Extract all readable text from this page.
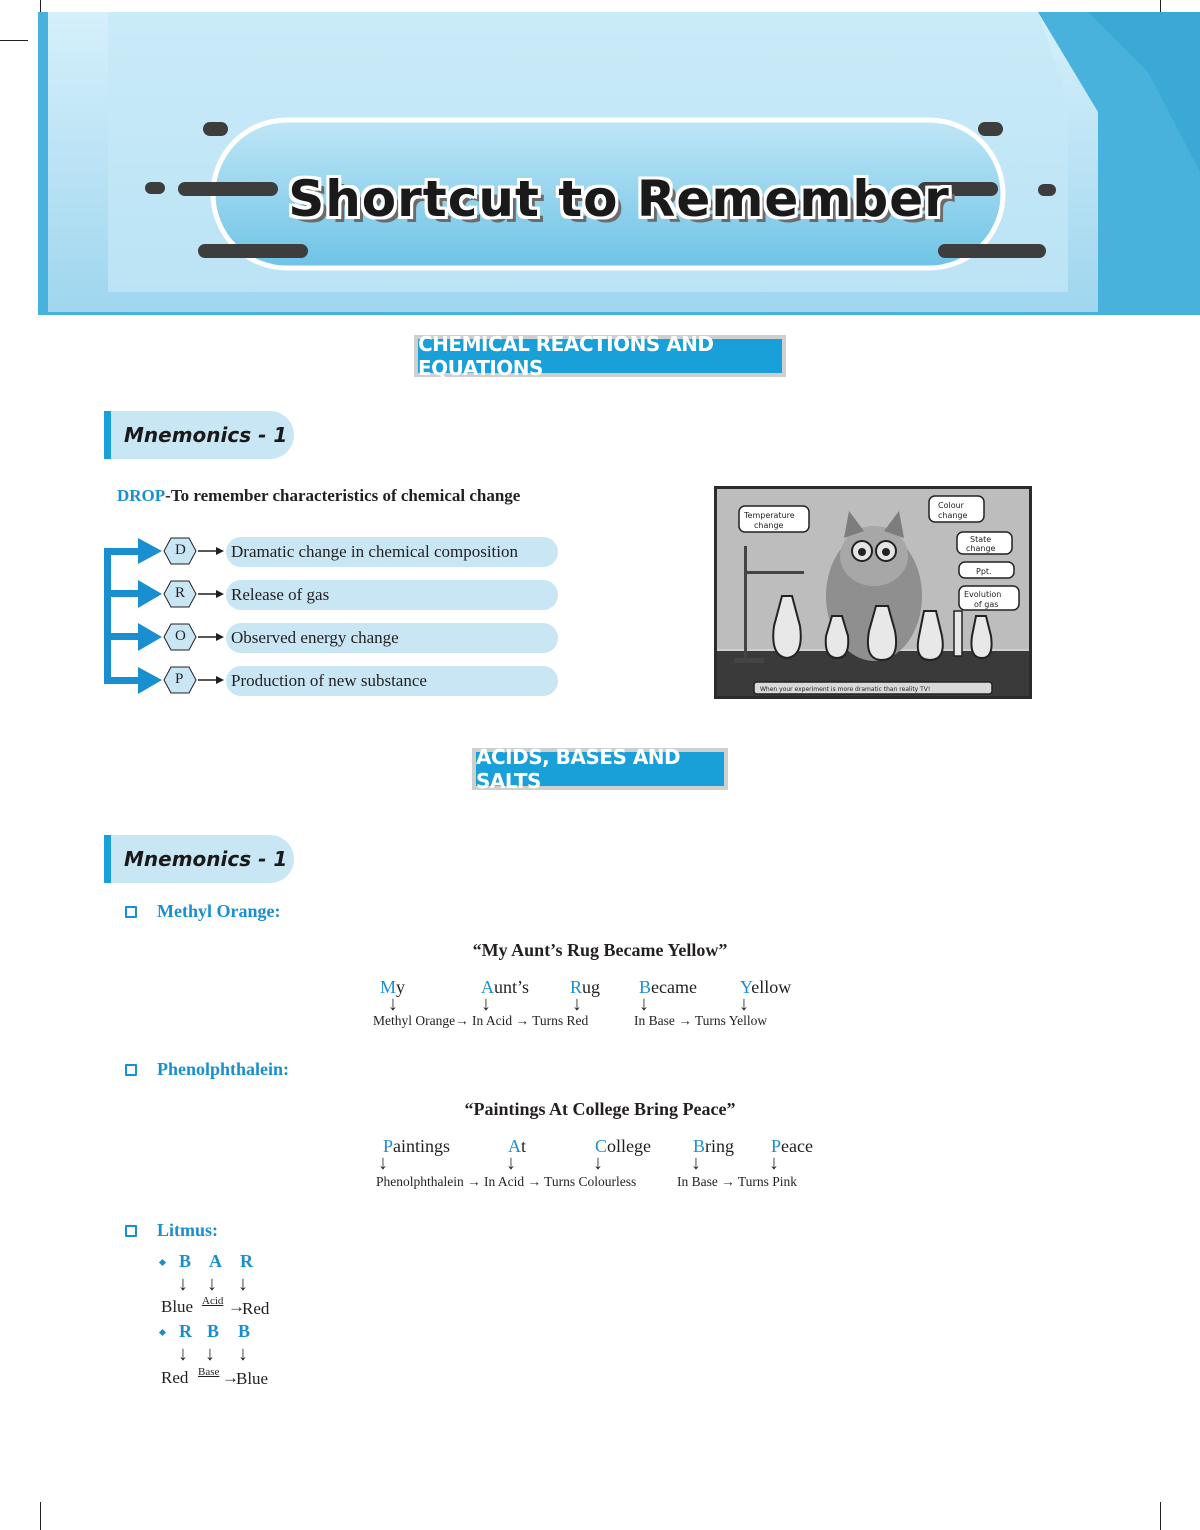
Shortcut to Remember
CHEMICAL REACTIONS AND EQUATIONS
Mnemonics - 1
DROP-To remember characteristics of chemical change
D
R
O
P
Dramatic change in chemical composition
Release of gas
Observed energy change
Production of new substance
Temperature
change
Colour
change
State
change
Ppt.
Evolution
of gas
When your experiment is more dramatic than reality TV!
ACIDS, BASES AND SALTS
Mnemonics - 1
Methyl Orange:
“My Aunt’s Rug Became Yellow”
My	Aunt’s Rug Became Yellow
↓	↓	↓	↓	↓
Methyl Orange→ In Acid → Turns Red	In Base → Turns Yellow
Phenolphthalein:
“Paintings At College Bring Peace”
Paintings	At	College Bring Peace
↓	↓	↓	↓	↓
Phenolphthalein → In Acid → Turns Colourless	In Base → Turns Pink
Litmus:
B A R
↓ ↓ ↓
Blue Acid →
Red
R B B
↓ ↓ ↓
Red Base →
Blue
